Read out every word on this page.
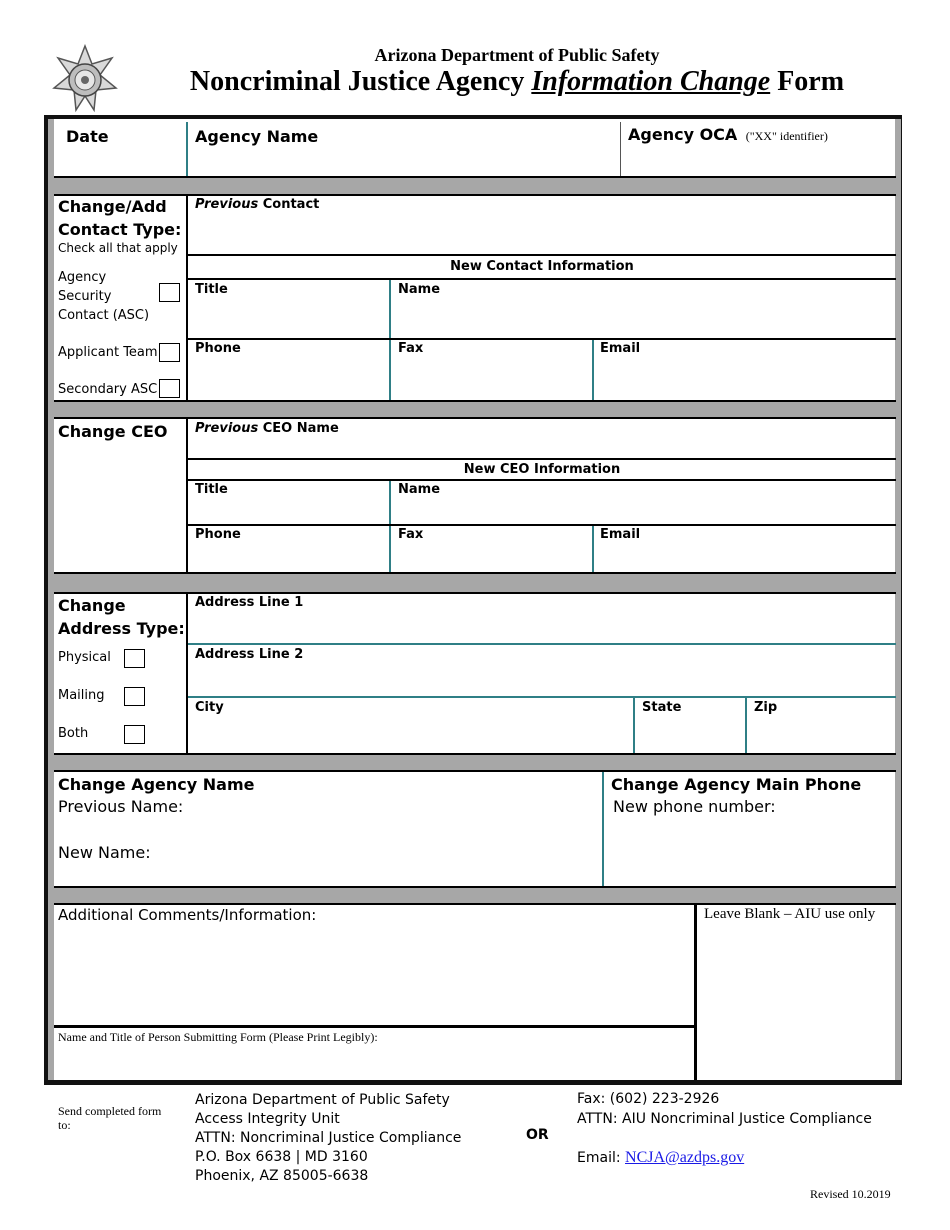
Arizona Department of Public Safety
Noncriminal Justice Agency Information Change Form
Date	Agency Name	Agency OCA ("XX" identifier)
Change/Add
Contact Type:
Check all that apply
Agency
Security
Contact (ASC)
Applicant Team
Secondary ASC
Previous Contact
New Contact Information
Title	Name
Phone	Fax	Email
Change CEO Previous CEO Name
New CEO Information
Title	Name
Phone	Fax	Email
Change
Address Type:
Physical
Mailing
Both
Address Line 1
Address Line 2
City	State	Zip
Change Agency Name
Previous Name:
New Name:
Change Agency Main Phone
New phone number:
Additional Comments/Information:	Leave Blank – AIU use only
Name and Title of Person Submitting Form (Please Print Legibly):
Send completed form to:
Arizona Department of Public Safety
Access Integrity Unit
ATTN: Noncriminal Justice Compliance
P.O. Box 6638 | MD 3160
Phoenix, AZ 85005-6638
OR
Fax: (602) 223-2926
ATTN: AIU Noncriminal Justice Compliance
Email: NCJA@azdps.gov
Revised 10.2019
